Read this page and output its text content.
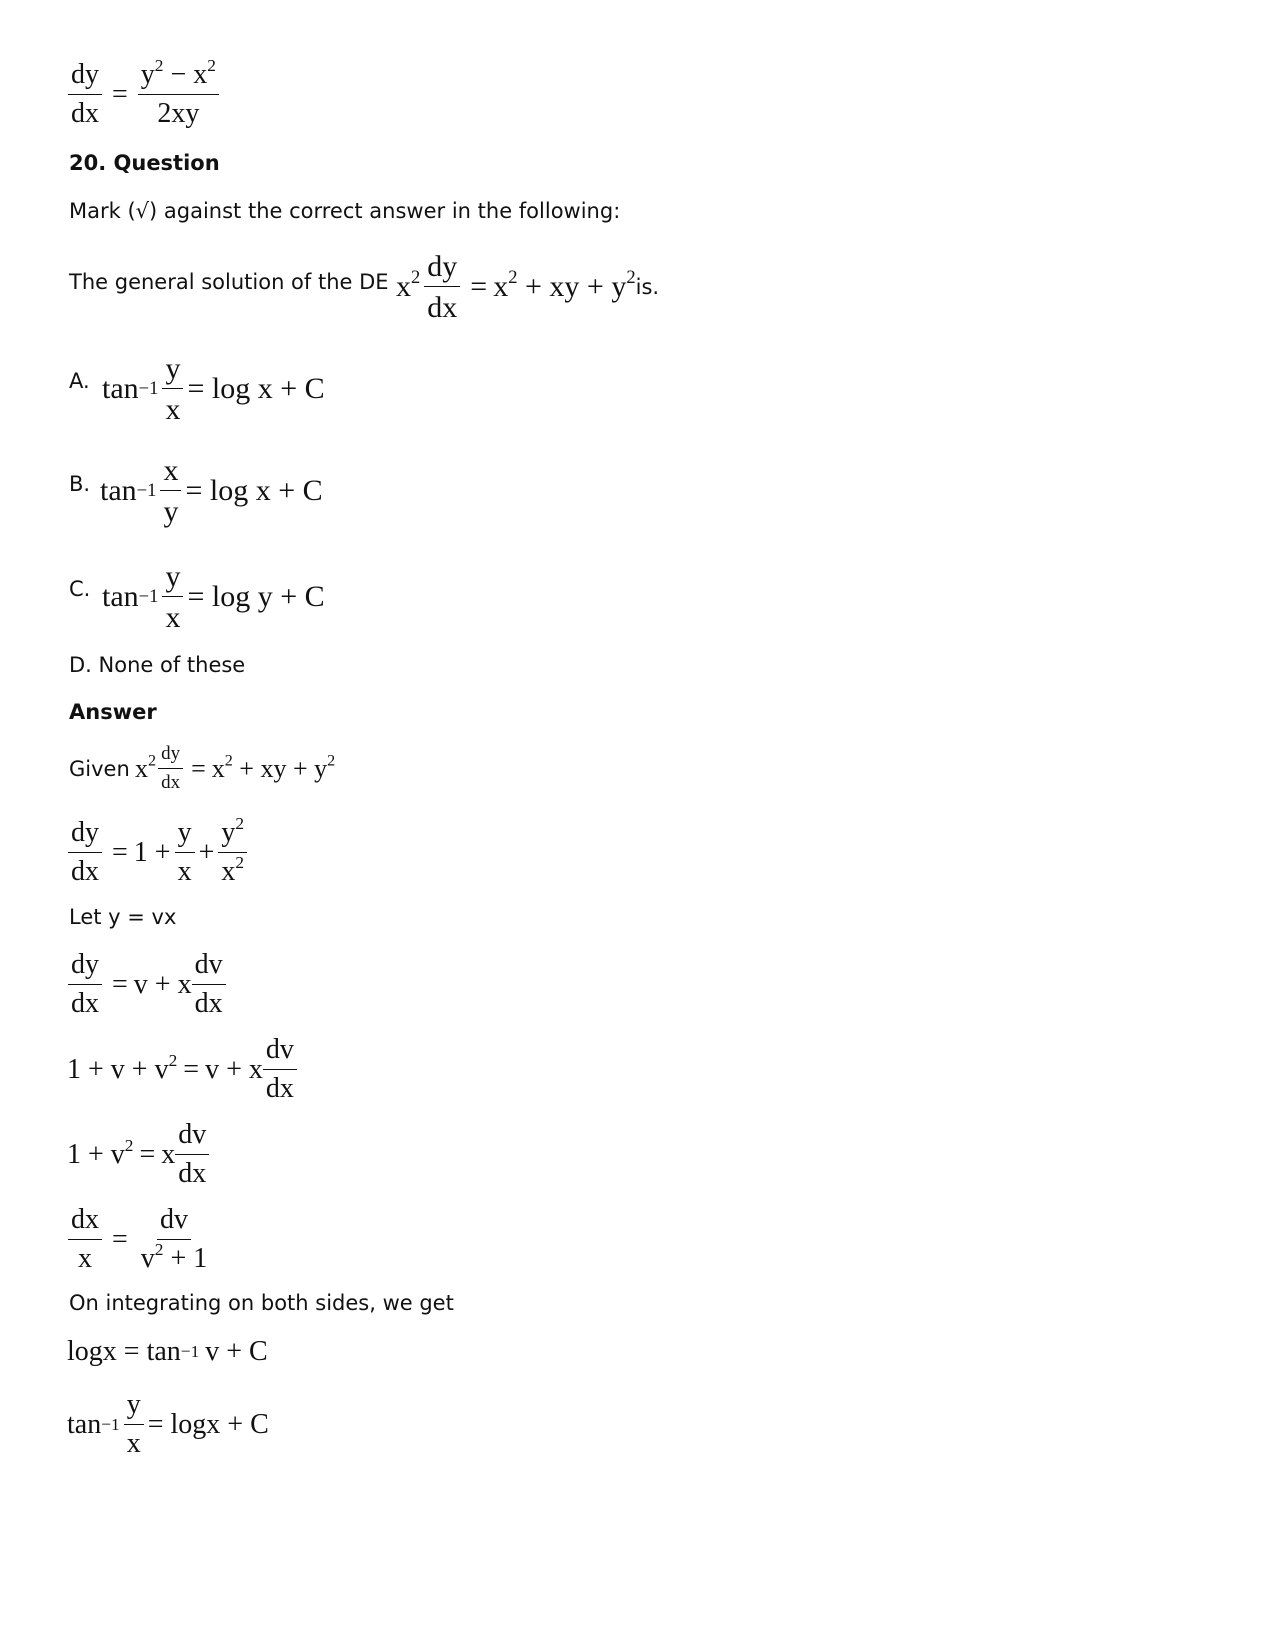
$\frac{dy}{dx} = \frac{y^2 - x^2}{2xy}$
20. Question
Mark (√) against the correct answer in the following:
The general solution of the DE $x^2 \frac{dy}{dx} = x^2$ + xy + $y^2$ is.
A. $\tan -1 \frac{y}{x} = \log x + C$
B. $\tan -1 \frac{x}{y} = \log x + C$
C. $\tan -1 \frac{y}{x} = \log y + C$
D. None of these
Answer
Given $x^2 \frac{dy}{dx} = x^2$ + xy + $y^2$
$\frac{dy}{dx} = 1 + \frac{y}{x} + \frac{y^2}{x^2}$
Let y = vx
$\frac{dy}{dx} = v + x \frac{dv}{dx}$
$1 + v + v^2 = v + x \frac{dv}{dx}$
$1 + v^2 = x \frac{dv}{dx}$
$\frac{dx}{x} = \frac{dv}{v^2 + 1}$
On integrating on both sides, we get
logx = tan −1 v + C
$\tan -1 \frac{y}{x} = \log x + C$
